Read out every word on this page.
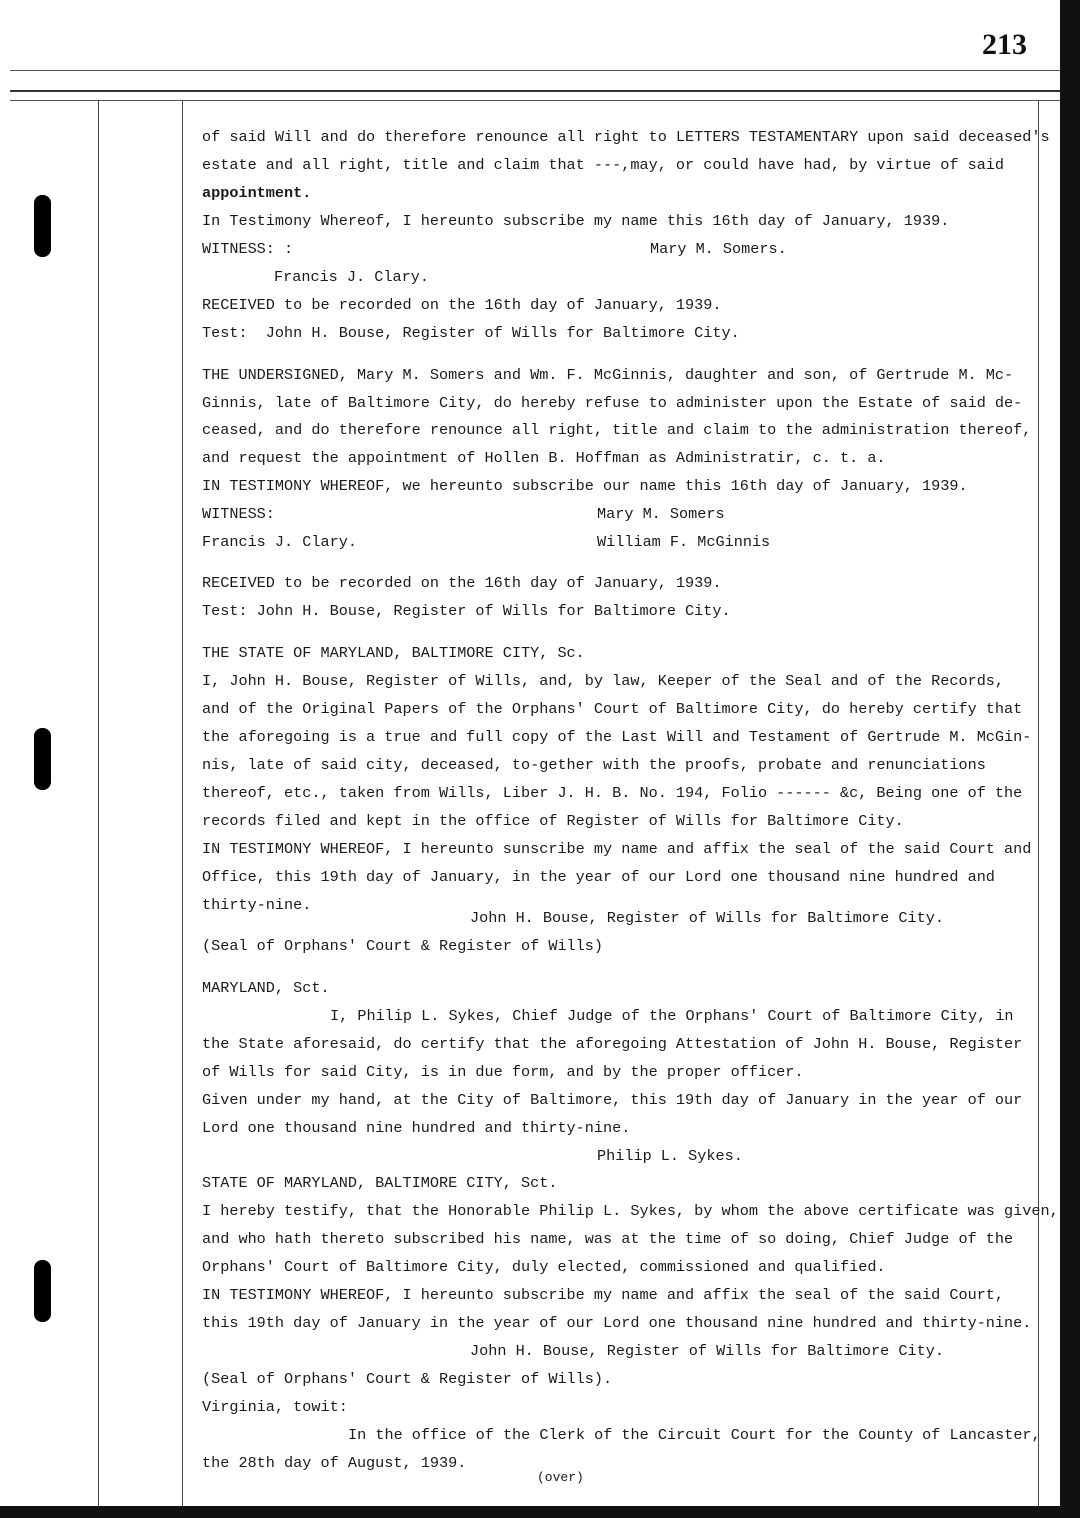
213
of said Will and do therefore renounce all right to LETTERS TESTAMENTARY upon said deceased's
estate and all right, title and claim that ---,may, or could have had, by virtue of said
appointment.
In Testimony Whereof, I hereunto subscribe my name this 16th day of January, 1939.
WITNESS: :	Mary M. Somers.
Francis J. Clary.
RECEIVED to be recorded on the 16th day of January, 1939.
Test:  John H. Bouse, Register of Wills for Baltimore City.
THE UNDERSIGNED, Mary M. Somers and Wm. F. McGinnis, daughter and son, of Gertrude M. Mc-
Ginnis, late of Baltimore City, do hereby refuse to administer upon the Estate of said de-
ceased, and do therefore renounce all right, title and claim to the administration thereof,
and request the appointment of Hollen B. Hoffman as Administratir, c. t. a.
IN TESTIMONY WHEREOF, we hereunto subscribe our name this 16th day of January, 1939.
WITNESS:	Mary M. Somers
Francis J. Clary.	William F. McGinnis
RECEIVED to be recorded on the 16th day of January, 1939.
Test: John H. Bouse, Register of Wills for Baltimore City.
THE STATE OF MARYLAND, BALTIMORE CITY, Sc.
I, John H. Bouse, Register of Wills, and, by law, Keeper of the Seal and of the Records,
and of the Original Papers of the Orphans' Court of Baltimore City, do hereby certify that
the aforegoing is a true and full copy of the Last Will and Testament of Gertrude M. McGin-
nis, late of said city, deceased, to-gether with the proofs, probate and renunciations
thereof, etc., taken from Wills, Liber J. H. B. No. 194, Folio ------ &c, Being one of the
records filed and kept in the office of Register of Wills for Baltimore City.
IN TESTIMONY WHEREOF, I hereunto sunscribe my name and affix the seal of the said Court and
Office, this 19th day of January, in the year of our Lord one thousand nine hundred and
thirty-nine.
John H. Bouse, Register of Wills for Baltimore City.
(Seal of Orphans' Court & Register of Wills)
MARYLAND, Sct.
I, Philip L. Sykes, Chief Judge of the Orphans' Court of Baltimore City, in
the State aforesaid, do certify that the aforegoing Attestation of John H. Bouse, Register
of Wills for said City, is in due form, and by the proper officer.
Given under my hand, at the City of Baltimore, this 19th day of January in the year of our
Lord one thousand nine hundred and thirty-nine.
Philip L. Sykes.
STATE OF MARYLAND, BALTIMORE CITY, Sct.
I hereby testify, that the Honorable Philip L. Sykes, by whom the above certificate was given,
and who hath thereto subscribed his name, was at the time of so doing, Chief Judge of the
Orphans' Court of Baltimore City, duly elected, commissioned and qualified.
IN TESTIMONY WHEREOF, I hereunto subscribe my name and affix the seal of the said Court,
this 19th day of January in the year of our Lord one thousand nine hundred and thirty-nine.
John H. Bouse, Register of Wills for Baltimore City.
(Seal of Orphans' Court & Register of Wills).
Virginia, towit:
In the office of the Clerk of the Circuit Court for the County of Lancaster,
the 28th day of August, 1939.
(over)
